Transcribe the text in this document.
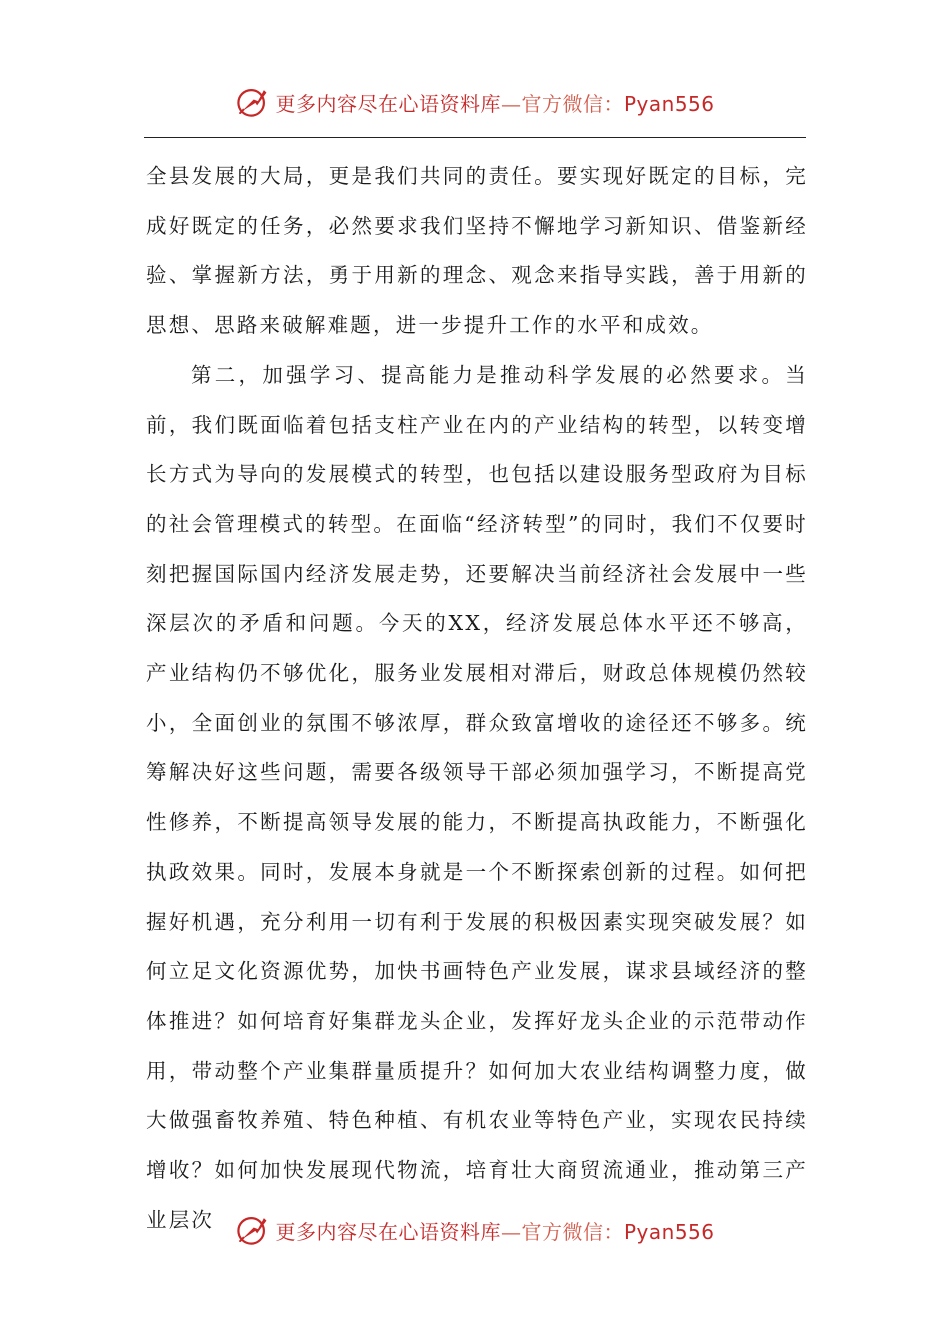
更多内容尽在心语资料库—官方微信：Pyan556

全县发展的大局，更是我们共同的责任。要实现好既定的目标，完成好既定的任务，必然要求我们坚持不懈地学习新知识、借鉴新经验、掌握新方法，勇于用新的理念、观念来指导实践，善于用新的思想、思路来破解难题，进一步提升工作的水平和成效。

第二，加强学习、提高能力是推动科学发展的必然要求。当前，我们既面临着包括支柱产业在内的产业结构的转型，以转变增长方式为导向的发展模式的转型，也包括以建设服务型政府为目标的社会管理模式的转型。在面临“经济转型”的同时，我们不仅要时刻把握国际国内经济发展走势，还要解决当前经济社会发展中一些深层次的矛盾和问题。今天的XX，经济发展总体水平还不够高，产业结构仍不够优化，服务业发展相对滞后，财政总体规模仍然较小，全面创业的氛围不够浓厚，群众致富增收的途径还不够多。统筹解决好这些问题，需要各级领导干部必须加强学习，不断提高党性修养，不断提高领导发展的能力，不断提高执政能力，不断强化执政效果。同时，发展本身就是一个不断探索创新的过程。如何把握好机遇，充分利用一切有利于发展的积极因素实现突破发展？如何立足文化资源优势，加快书画特色产业发展，谋求县域经济的整体推进？如何培育好集群龙头企业，发挥好龙头企业的示范带动作用，带动整个产业集群量质提升？如何加大农业结构调整力度，做大做强畜牧养殖、特色种植、有机农业等特色产业，实现农民持续增收？如何加快发展现代物流，培育壮大商贸流通业，推动第三产业层次	更多内容尽在心语资料库—官方微信：Pyan556
